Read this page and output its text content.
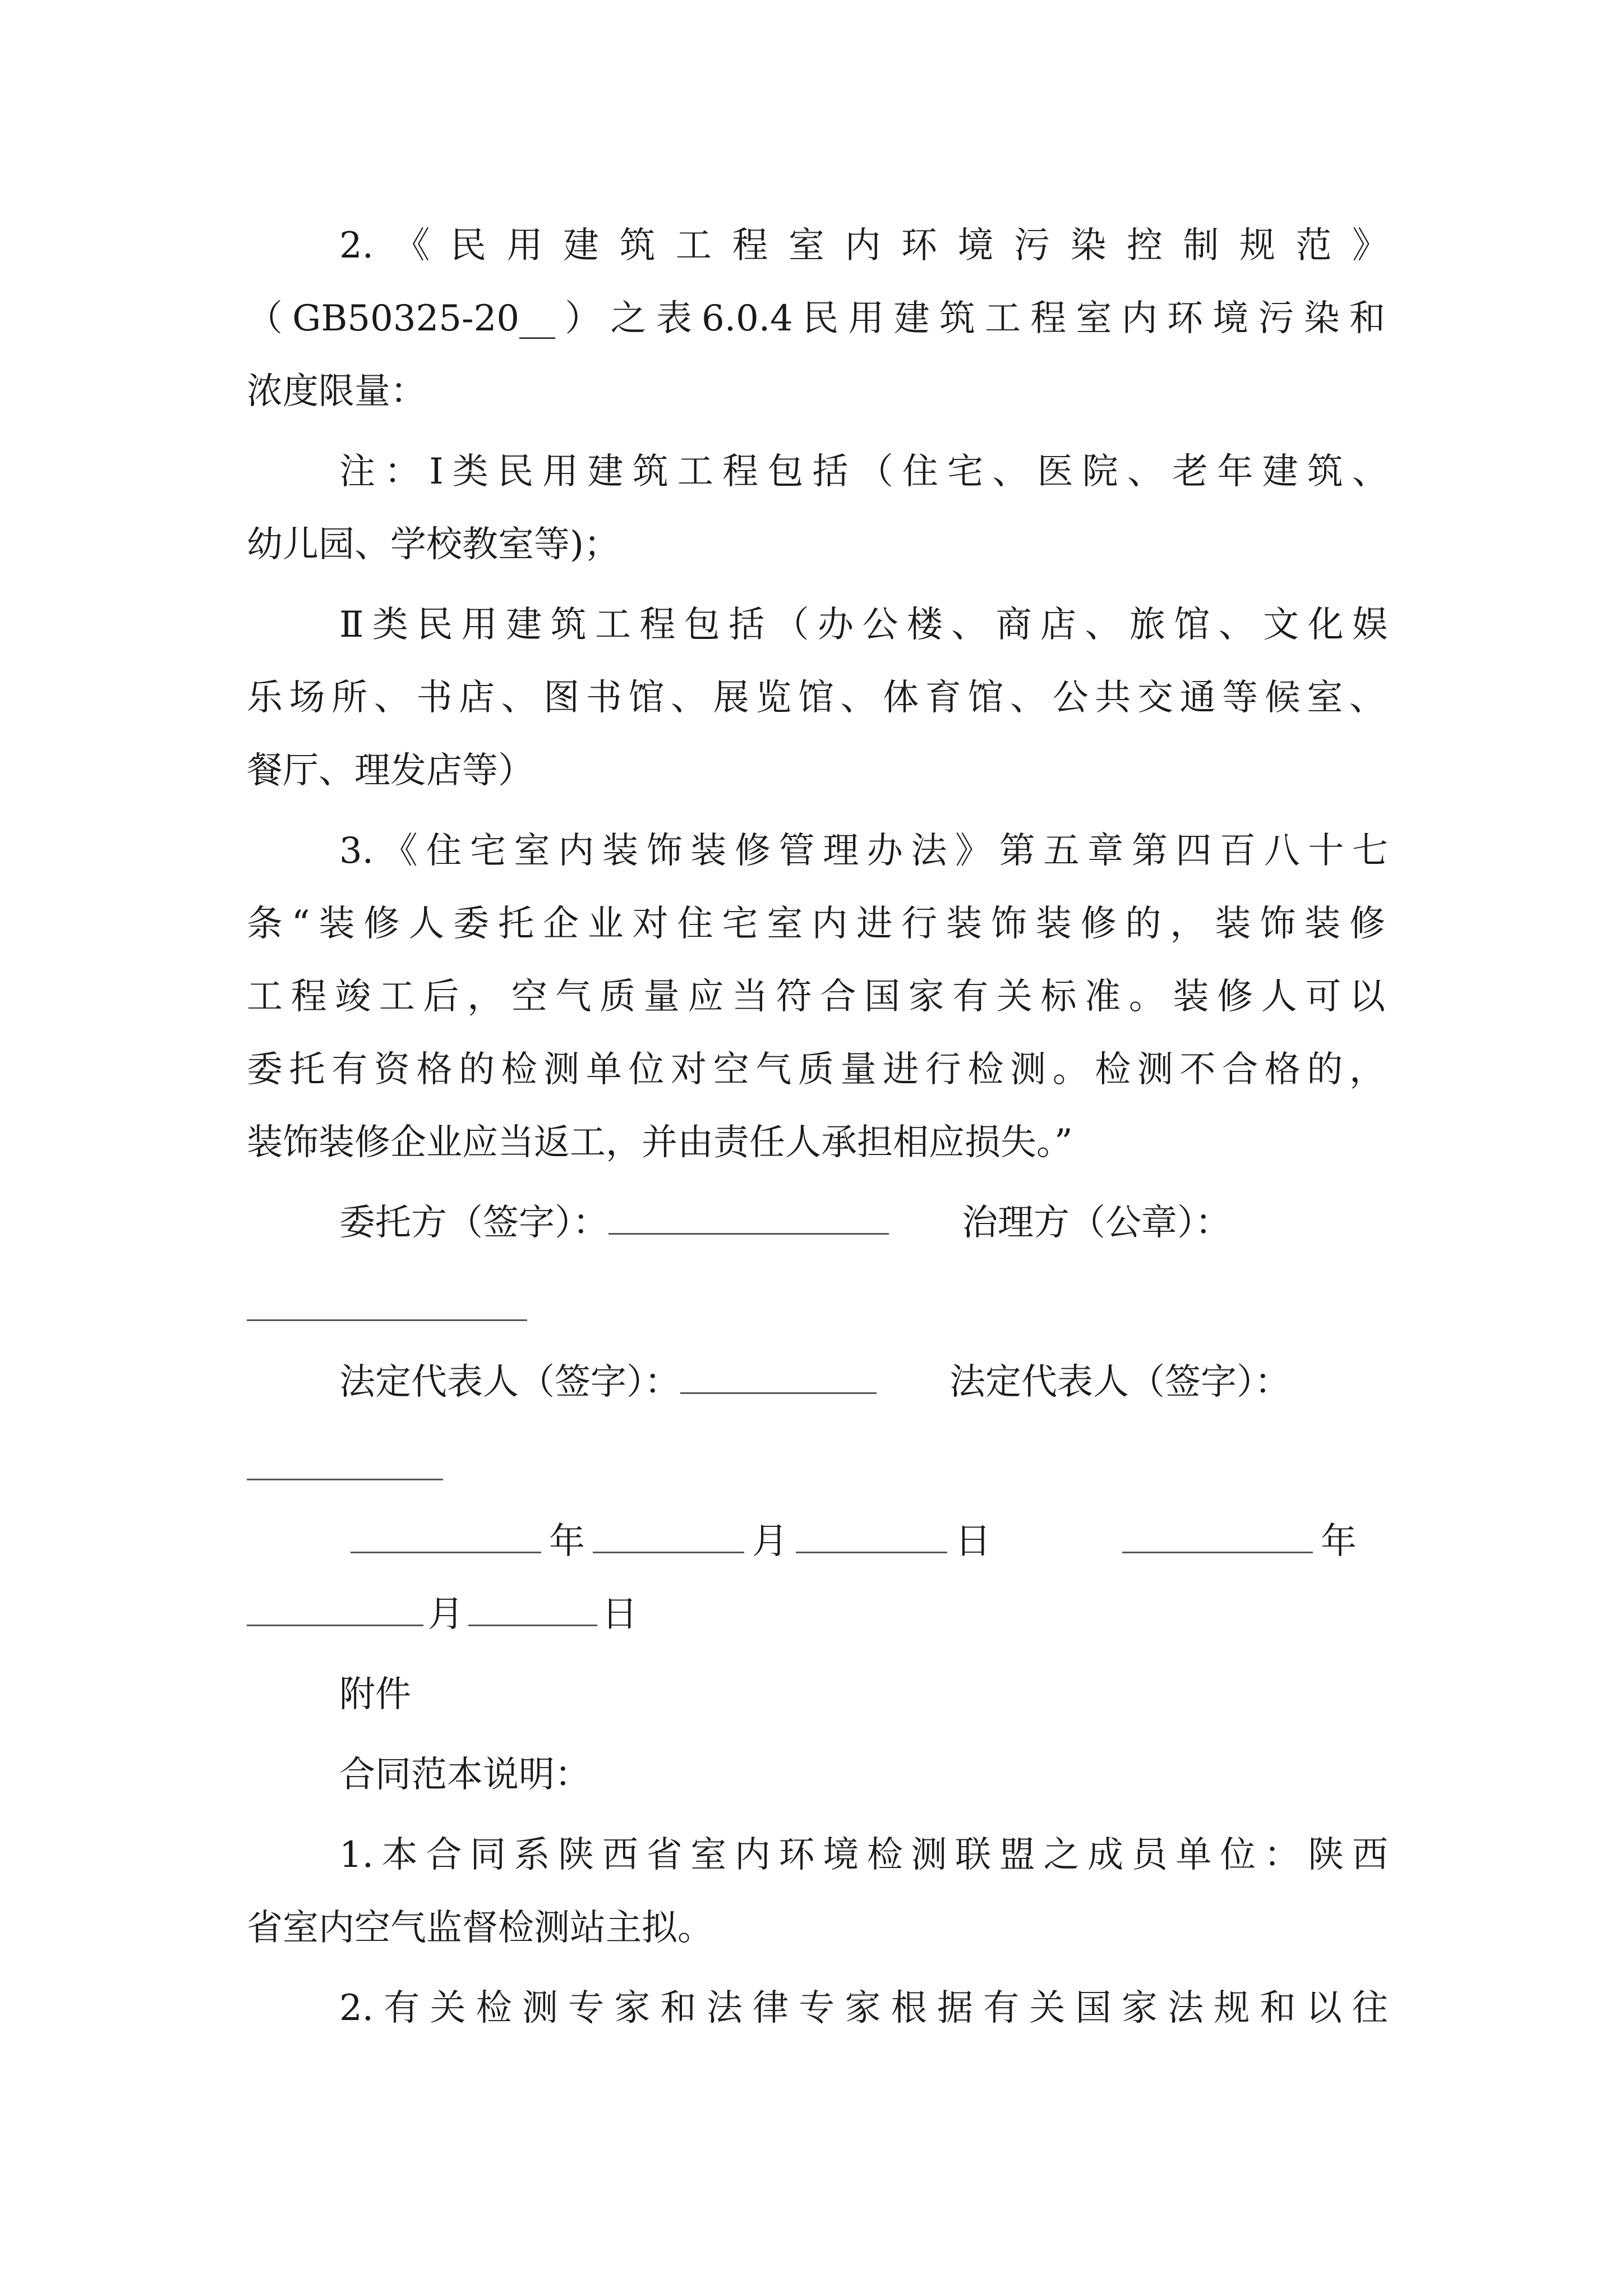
2.《民用建筑工程室内环境污染控制规范》
（GB50325-20__）之表6.0.4民用建筑工程室内环境污染和
浓度限量：
注：Ⅰ类民用建筑工程包括（住宅、医院、老年建筑、
幼儿园、学校教室等)；
Ⅱ类民用建筑工程包括（办公楼、商店、旅馆、文化娱
乐场所、书店、图书馆、展览馆、体育馆、公共交通等候室、
餐厅、理发店等）
3.《住宅室内装饰装修管理办法》第五章第四百八十七
条“装修人委托企业对住宅室内进行装饰装修的，装饰装修
工程竣工后，空气质量应当符合国家有关标准。装修人可以
委托有资格的检测单位对空气质量进行检测。检测不合格的，
装饰装修企业应当返工，并由责任人承担相应损失。”
委托方（签字）：	治理方（公章）：
法定代表人（签字）：	法定代表人（签字）：
年	月	日	年
月	日
附件
合同范本说明：
1.本合同系陕西省室内环境检测联盟之成员单位：陕西
省室内空气监督检测站主拟。
2.有关检测专家和法律专家根据有关国家法规和以往
